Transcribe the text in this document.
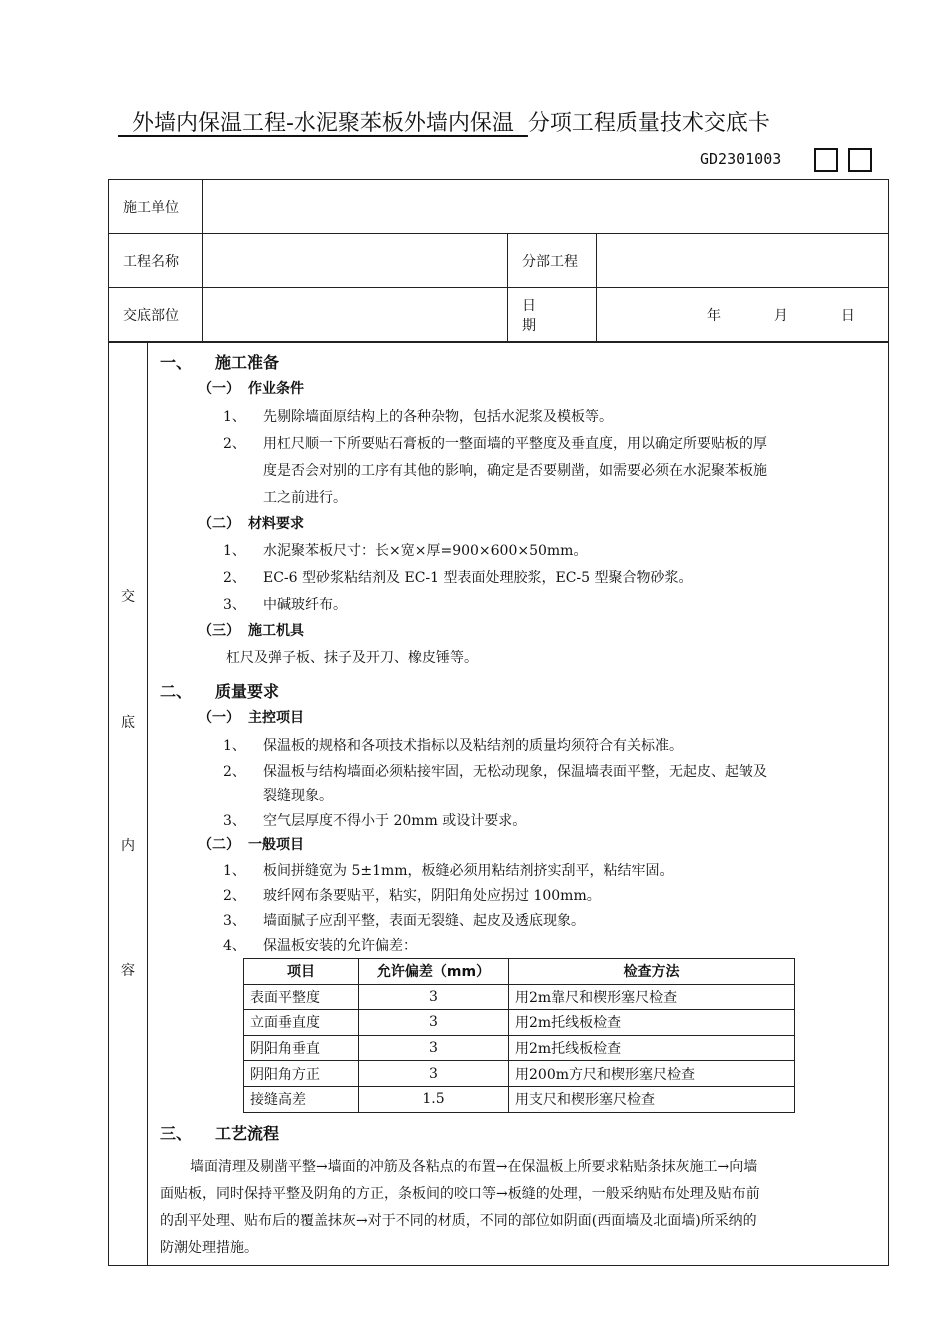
外墙内保温工程-水泥聚苯板外墙内保温  分项工程质量技术交底卡
GD2301003
施工单位			
工程名称		分部工程	
交底部位		日期	年 月 日
交
底
内
容
一、 施工准备
（一） 作业条件
1、 先剔除墙面原结构上的各种杂物，包括水泥浆及模板等。
2、 用杠尺顺一下所要贴石膏板的一整面墙的平整度及垂直度，用以确定所要贴板的厚
度是否会对别的工序有其他的影响，确定是否要剔凿，如需要必须在水泥聚苯板施
工之前进行。
（二） 材料要求
1、 水泥聚苯板尺寸：长×宽×厚=900×600×50mm。
2、 EC-6 型砂浆粘结剂及 EC-1 型表面处理胶浆，EC-5 型聚合物砂浆。
3、 中碱玻纤布。
（三） 施工机具
杠尺及弹子板、抹子及开刀、橡皮锤等。
二、 质量要求
（一） 主控项目
1、 保温板的规格和各项技术指标以及粘结剂的质量均须符合有关标准。
2、 保温板与结构墙面必须粘接牢固，无松动现象，保温墙表面平整，无起皮、起皱及
裂缝现象。
3、 空气层厚度不得小于 20mm 或设计要求。
（二） 一般项目
1、 板间拼缝宽为 5±1mm，板缝必须用粘结剂挤实刮平，粘结牢固。
2、 玻纤网布条要贴平，粘实，阴阳角处应拐过 100mm。
3、 墙面腻子应刮平整，表面无裂缝、起皮及透底现象。
4、 保温板安装的允许偏差：
项目	允许偏差（mm）	检查方法
表面平整度	3	用2m靠尺和楔形塞尺检查
立面垂直度	3	用2m托线板检查
阴阳角垂直	3	用2m托线板检查
阴阳角方正	3	用200m方尺和楔形塞尺检查
接缝高差	1.5	用支尺和楔形塞尺检查
三、 工艺流程
墙面清理及剔凿平整→墙面的冲筋及各粘点的布置→在保温板上所要求粘贴条抹灰施工→向墙
面贴板，同时保持平整及阴角的方正，条板间的咬口等→板缝的处理，一般采纳贴布处理及贴布前
的刮平处理、贴布后的覆盖抹灰→对于不同的材质，不同的部位如阴面(西面墙及北面墙)所采纳的
防潮处理措施。
